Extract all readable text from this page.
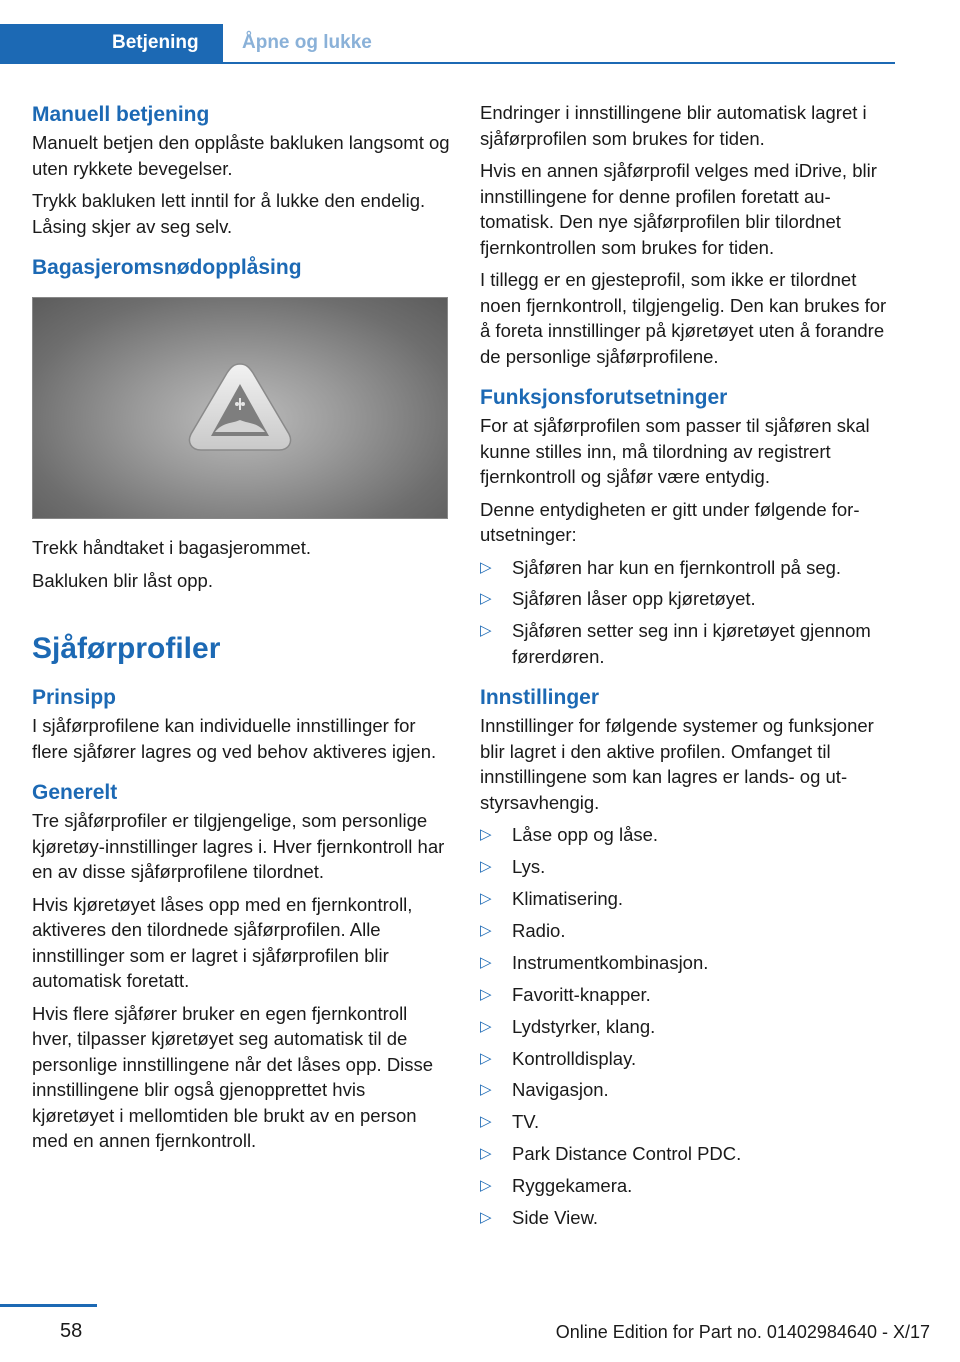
Betjening	Åpne og lukke
Manuell betjening

Manuelt betjen den opplåste bakluken langsomt og uten rykkete bevegelser.

Trykk bakluken lett inntil for å lukke den endelig. Låsing skjer av seg selv.

Bagasjeromsnødopplåsing

Trekk håndtaket i bagasjerommet.

Bakluken blir låst opp.

Sjåførprofiler
Prinsipp

I sjåførprofilene kan individuelle innstillinger for flere sjåfører lagres og ved behov aktiveres igjen.

Generelt

Tre sjåførprofiler er tilgjengelige, som personlige kjøretøy-innstillinger lagres i. Hver fjernkontroll har en av disse sjåførprofilene tilordnet.

Hvis kjøretøyet låses opp med en fjernkontroll, aktiveres den tilordnede sjåførprofilen. Alle innstillinger som er lagret i sjåførprofilen blir automatisk foretatt.

Hvis flere sjåfører bruker en egen fjernkontroll hver, tilpasser kjøretøyet seg automatisk til de personlige innstillingene når det låses opp. Disse innstillingene blir også gjenopprettet hvis kjøretøyet i mellomtiden ble brukt av en person med en annen fjernkontroll.

Endringer i innstillingene blir automatisk lagret i sjåførprofilen som brukes for tiden.

Hvis en annen sjåførprofil velges med iDrive, blir innstillingene for denne profilen foretatt automatisk. Den nye sjåførprofilen blir tilordnet fjernkontrollen som brukes for tiden.

I tillegg er en gjesteprofil, som ikke er tilordnet noen fjernkontroll, tilgjengelig. Den kan brukes for å foreta innstillinger på kjøretøyet uten å forandre de personlige sjåførprofilene.

Funksjonsforutsetninger

For at sjåførprofilen som passer til sjåføren skal kunne stilles inn, må tilordning av registrert fjernkontroll og sjåfør være entydig.

Denne entydigheten er gitt under følgende forutsetninger:

▷ Sjåføren har kun en fjernkontroll på seg.
▷ Sjåføren låser opp kjøretøyet.
▷ Sjåføren setter seg inn i kjøretøyet gjennom førerdøren.
Innstillinger

Innstillinger for følgende systemer og funksjoner blir lagret i den aktive profilen. Omfanget til innstillingene som kan lagres er lands- og utstyrsavhengig.

▷ Låse opp og låse.
▷ Lys.
▷ Klimatisering.
▷ Radio.
▷ Instrumentkombinasjon.
▷ Favoritt-knapper.
▷ Lydstyrker, klang.
▷ Kontrolldisplay.
▷ Navigasjon.
▷ TV.
▷ Park Distance Control PDC.
▷ Ryggekamera.
▷ Side View.
58	Online Edition for Part no. 01402984640 - X/17
